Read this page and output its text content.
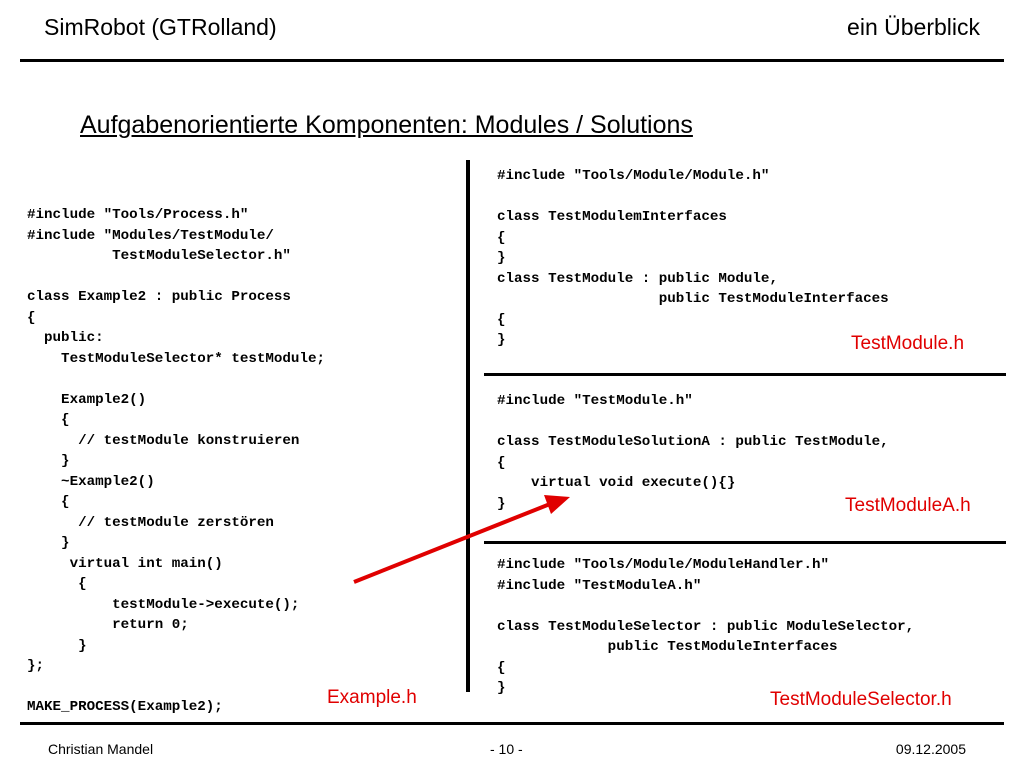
SimRobot (GTRolland)	ein Überblick
Aufgabenorientierte Komponenten: Modules / Solutions
#include "Tools/Process.h"
#include "Modules/TestModule/
TestModuleSelector.h"

class Example2 : public Process
{
public:
TestModuleSelector* testModule;

Example2()
{
// testModule konstruieren
}
~Example2()
{
// testModule zerstören
}
virtual int main()
{
testModule->execute();
return 0;
}
};

MAKE_PROCESS(Example2);	Example.h
#include "Tools/Module/Module.h"

class TestModulemInterfaces
{
}
class TestModule : public Module,
public TestModuleInterfaces
{
}	TestModule.h
#include "TestModule.h"

class TestModuleSolutionA : public TestModule,
{
virtual void execute(){}
}	TestModuleA.h
#include "Tools/Module/ModuleHandler.h"
#include "TestModuleA.h"

class TestModuleSelector : public ModuleSelector,
public TestModuleInterfaces
{
}
TestModuleSelector.h
Christian Mandel	- 10 -	09.12.2005
